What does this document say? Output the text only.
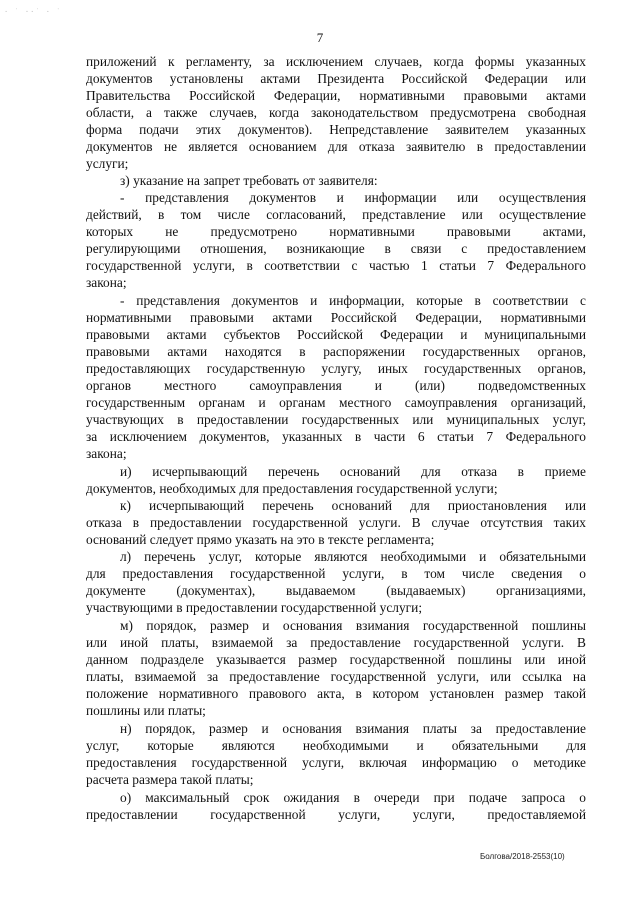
· ˙ ··˙ · ˙
7
приложений к регламенту, за исключением случаев, когда формы указанных
документов установлены актами Президента Российской Федерации или
Правительства Российской Федерации, нормативными правовыми актами
области, а также случаев, когда законодательством предусмотрена свободная
форма подачи этих документов). Непредставление заявителем указанных
документов не является основанием для отказа заявителю в предоставлении
услуги;
з) указание на запрет требовать от заявителя:
- представления документов и информации или осуществления
действий, в том числе согласований, представление или осуществление
которых не предусмотрено нормативными правовыми актами,
регулирующими отношения, возникающие в связи с предоставлением
государственной услуги, в соответствии с частью 1 статьи 7 Федерального
закона;
- представления документов и информации, которые в соответствии с
нормативными правовыми актами Российской Федерации, нормативными
правовыми актами субъектов Российской Федерации и муниципальными
правовыми актами находятся в распоряжении государственных органов,
предоставляющих государственную услугу, иных государственных органов,
органов местного самоуправления и (или) подведомственных
государственным органам и органам местного самоуправления организаций,
участвующих в предоставлении государственных или муниципальных услуг,
за исключением документов, указанных в части 6 статьи 7 Федерального
закона;
и) исчерпывающий перечень оснований для отказа в приеме
документов, необходимых для предоставления государственной услуги;
к) исчерпывающий перечень оснований для приостановления или
отказа в предоставлении государственной услуги. В случае отсутствия таких
оснований следует прямо указать на это в тексте регламента;
л) перечень услуг, которые являются необходимыми и обязательными
для предоставления государственной услуги, в том числе сведения о
документе (документах), выдаваемом (выдаваемых) организациями,
участвующими в предоставлении государственной услуги;
м) порядок, размер и основания взимания государственной пошлины
или иной платы, взимаемой за предоставление государственной услуги. В
данном подразделе указывается размер государственной пошлины или иной
платы, взимаемой за предоставление государственной услуги, или ссылка на
положение нормативного правового акта, в котором установлен размер такой
пошлины или платы;
н) порядок, размер и основания взимания платы за предоставление
услуг, которые являются необходимыми и обязательными для
предоставления государственной услуги, включая информацию о методике
расчета размера такой платы;
о) максимальный срок ожидания в очереди при подаче запроса о
предоставлении государственной услуги, услуги, предоставляемой
Болгова/2018-2553(10)
